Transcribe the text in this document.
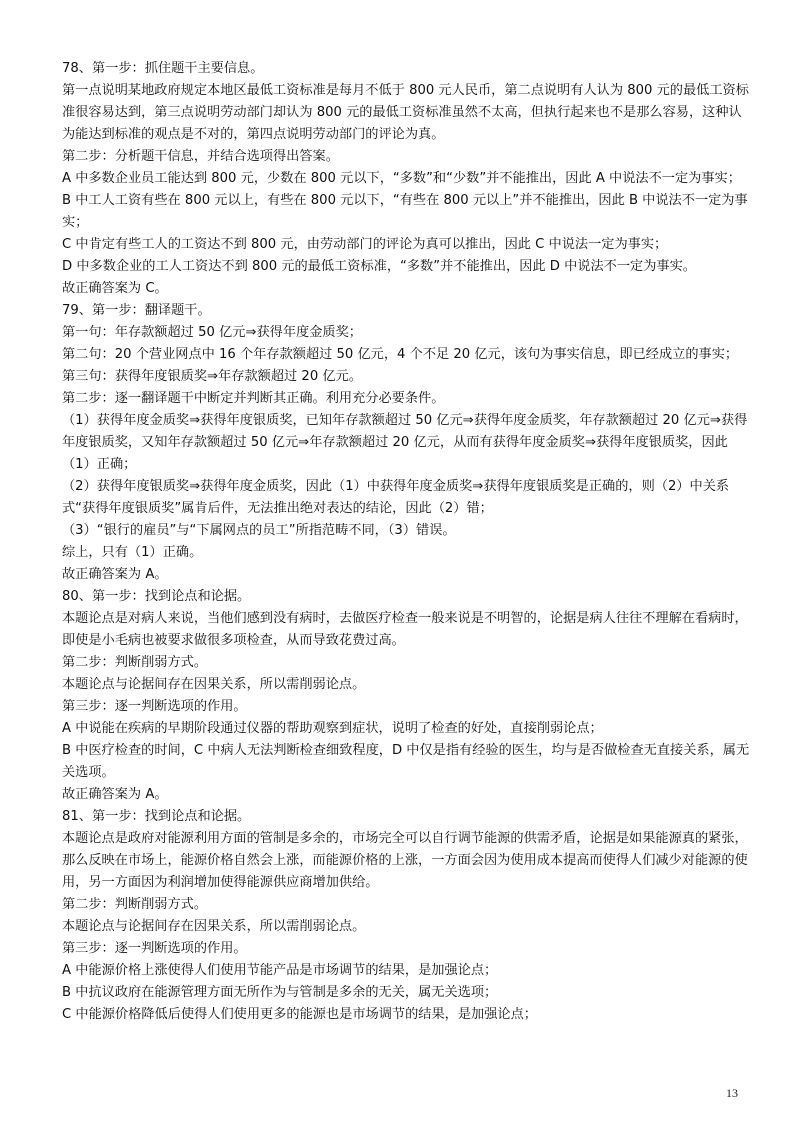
78、第一步：抓住题干主要信息。

第一点说明某地政府规定本地区最低工资标准是每月不低于 800 元人民币，第二点说明有人认为 800 元的最低工资标准很容易达到，第三点说明劳动部门却认为 800 元的最低工资标准虽然不太高，但执行起来也不是那么容易，这种认为能达到标准的观点是不对的，第四点说明劳动部门的评论为真。

第二步：分析题干信息，并结合选项得出答案。

A 中多数企业员工能达到 800 元，少数在 800 元以下，“多数”和“少数”并不能推出，因此 A 中说法不一定为事实；

B 中工人工资有些在 800 元以上，有些在 800 元以下，“有些在 800 元以上”并不能推出，因此 B 中说法不一定为事实；

C 中肯定有些工人的工资达不到 800 元，由劳动部门的评论为真可以推出，因此 C 中说法一定为事实；

D 中多数企业的工人工资达不到 800 元的最低工资标准，“多数”并不能推出，因此 D 中说法不一定为事实。

故正确答案为 C。

79、第一步：翻译题干。

第一句：年存款额超过 50 亿元⇒获得年度金质奖；

第二句：20 个营业网点中 16 个年存款额超过 50 亿元，4 个不足 20 亿元，该句为事实信息，即已经成立的事实；

第三句：获得年度银质奖⇒年存款额超过 20 亿元。

第二步：逐一翻译题干中断定并判断其正确。利用充分必要条件。

（1）获得年度金质奖⇒获得年度银质奖，已知年存款额超过 50 亿元⇒获得年度金质奖，年存款额超过 20 亿元⇒获得年度银质奖，又知年存款额超过 50 亿元⇒年存款额超过 20 亿元，从而有获得年度金质奖⇒获得年度银质奖，因此（1）正确；

（2）获得年度银质奖⇒获得年度金质奖，因此（1）中获得年度金质奖⇒获得年度银质奖是正确的，则（2）中关系式“获得年度银质奖”属肯后件，无法推出绝对表达的结论，因此（2）错；

（3）“银行的雇员”与“下属网点的员工”所指范畴不同，（3）错误。

综上，只有（1）正确。

故正确答案为 A。

80、第一步：找到论点和论据。

本题论点是对病人来说，当他们感到没有病时，去做医疗检查一般来说是不明智的，论据是病人往往不理解在看病时，即使是小毛病也被要求做很多项检查，从而导致花费过高。

第二步：判断削弱方式。

本题论点与论据间存在因果关系，所以需削弱论点。

第三步：逐一判断选项的作用。

A 中说能在疾病的早期阶段通过仪器的帮助观察到症状，说明了检查的好处，直接削弱论点；

B 中医疗检查的时间，C 中病人无法判断检查细致程度，D 中仅是指有经验的医生，均与是否做检查无直接关系，属无关选项。

故正确答案为 A。

81、第一步：找到论点和论据。

本题论点是政府对能源利用方面的管制是多余的，市场完全可以自行调节能源的供需矛盾，论据是如果能源真的紧张，那么反映在市场上，能源价格自然会上涨，而能源价格的上涨，一方面会因为使用成本提高而使得人们减少对能源的使用，另一方面因为利润增加使得能源供应商增加供给。

第二步：判断削弱方式。

本题论点与论据间存在因果关系，所以需削弱论点。

第三步：逐一判断选项的作用。

A 中能源价格上涨使得人们使用节能产品是市场调节的结果，是加强论点；

B 中抗议政府在能源管理方面无所作为与管制是多余的无关，属无关选项；

C 中能源价格降低后使得人们使用更多的能源也是市场调节的结果，是加强论点；

13
